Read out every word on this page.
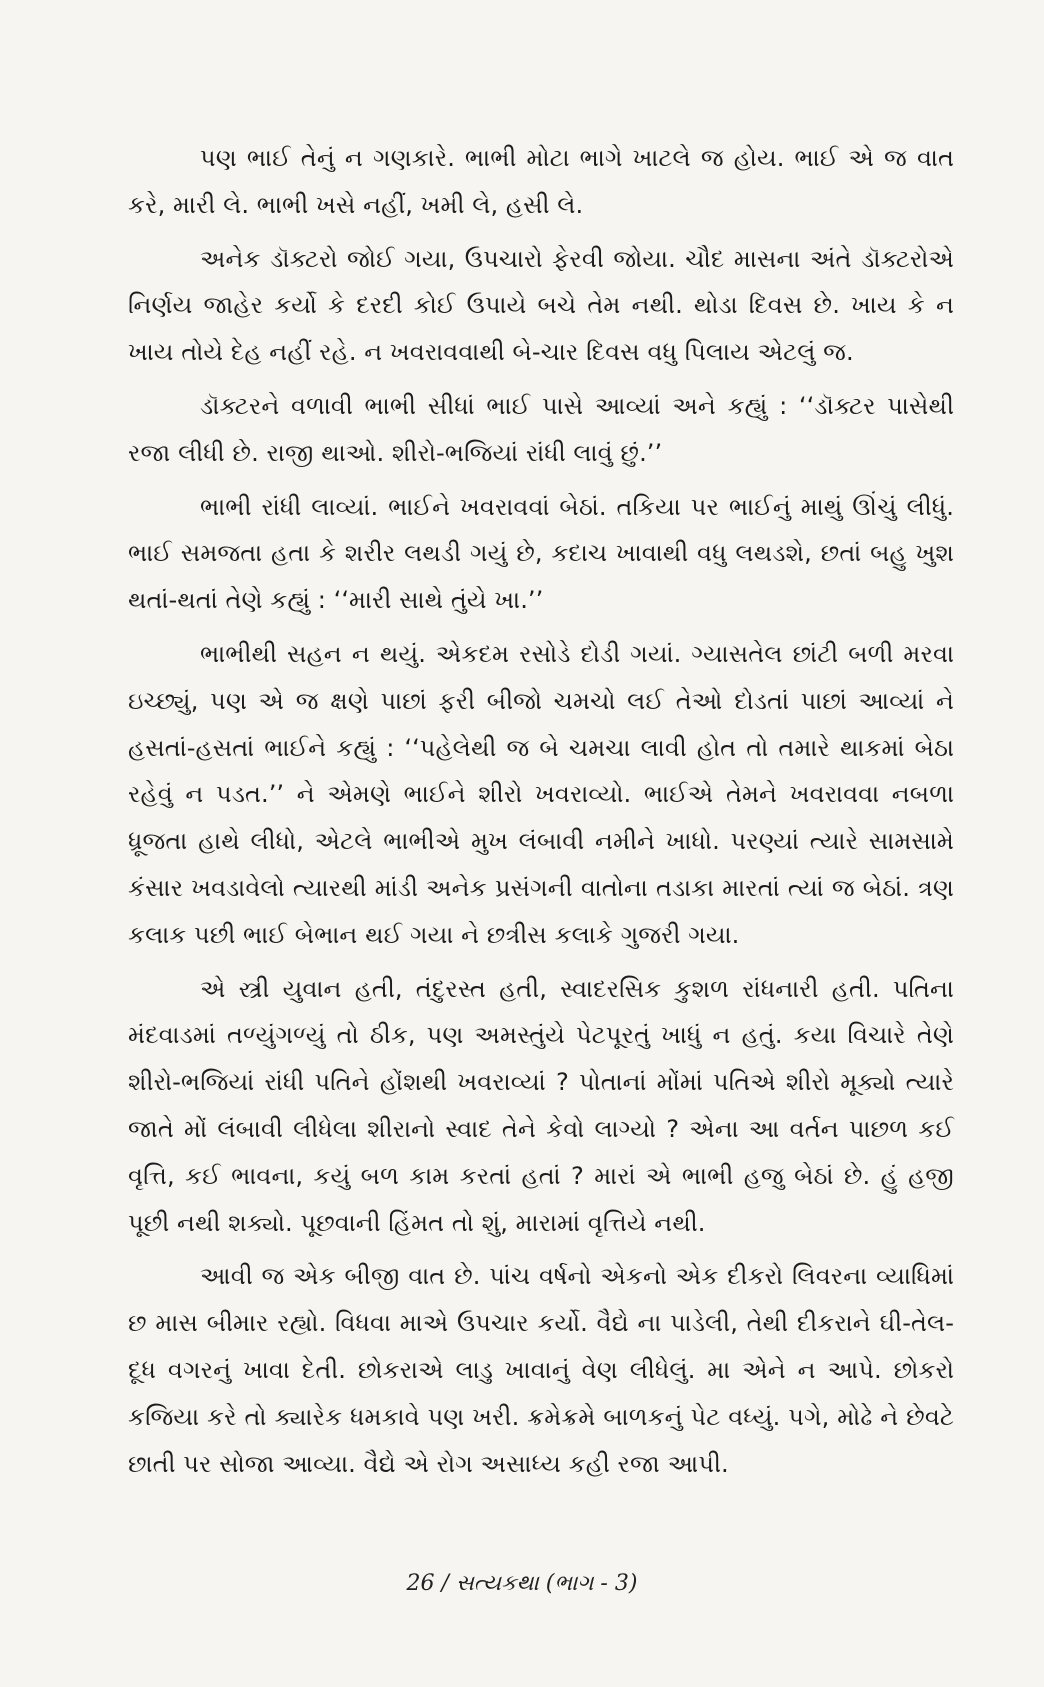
પણ ભાઈ તેનું ન ગણકારે. ભાભી મોટા ભાગે ખાટલે જ હોય. ભાઈ એ જ વાત કરે, મારી લે. ભાભી ખસે નહીં, ખમી લે, હસી લે.

અનેક ડૉક્ટરો જોઈ ગયા, ઉપચારો ફેરવી જોયા. ચૌદ માસના અંતે ડૉક્ટરોએ નિર્ણય જાહેર કર્યો કે દરદી કોઈ ઉપાયે બચે તેમ નથી. થોડા દિવસ છે. ખાય કે ન ખાય તોયે દેહ નહીં રહે. ન ખવરાવવાથી બે-ચાર દિવસ વધુ પિલાય એટલું જ.

ડૉક્ટરને વળાવી ભાભી સીધાં ભાઈ પાસે આવ્યાં અને કહ્યું : ‘‘ડૉક્ટર પાસેથી રજા લીધી છે. રાજી થાઓ. શીરો-ભજિયાં રાંધી લાવું છું.’’

ભાભી રાંધી લાવ્યાં. ભાઈને ખવરાવવાં બેઠાં. તકિયા પર ભાઈનું માથું ઊંચું લીધું. ભાઈ સમજતા હતા કે શરીર લથડી ગયું છે, કદાચ ખાવાથી વધુ લથડશે, છતાં બહુ ખુશ થતાં-થતાં તેણે કહ્યું : ‘‘મારી સાથે તુંયે ખા.’’

ભાભીથી સહન ન થયું. એકદમ રસોડે દોડી ગયાં. ગ્યાસતેલ છાંટી બળી મરવા ઇચ્છ્યું, પણ એ જ ક્ષણે પાછાં ફરી બીજો ચમચો લઈ તેઓ દોડતાં પાછાં આવ્યાં ને હસતાં-હસતાં ભાઈને કહ્યું : ‘‘પહેલેથી જ બે ચમચા લાવી હોત તો તમારે થાકમાં બેઠા રહેવું ન પડત.’’ ને એમણે ભાઈને શીરો ખવરાવ્યો. ભાઈએ તેમને ખવરાવવા નબળા ધ્રૂજતા હાથે લીધો, એટલે ભાભીએ મુખ લંબાવી નમીને ખાધો. પરણ્યાં ત્યારે સામસામે કંસાર ખવડાવેલો ત્યારથી માંડી અનેક પ્રસંગની વાતોના તડાકા મારતાં ત્યાં જ બેઠાં. ત્રણ કલાક પછી ભાઈ બેભાન થઈ ગયા ને છત્રીસ કલાકે ગુજરી ગયા.

એ સ્ત્રી યુવાન હતી, તંદુરસ્ત હતી, સ્વાદરસિક કુશળ રાંધનારી હતી. પતિના મંદવાડમાં તળ્યુંગળ્યું તો ઠીક, પણ અમસ્તુંયે પેટપૂરતું ખાધું ન હતું. કયા વિચારે તેણે શીરો-ભજિયાં રાંધી પતિને હોંશથી ખવરાવ્યાં ? પોતાનાં મોંમાં પતિએ શીરો મૂક્યો ત્યારે જાતે મોં લંબાવી લીધેલા શીરાનો સ્વાદ તેને કેવો લાગ્યો ? એના આ વર્તન પાછળ કઈ વૃત્તિ, કઈ ભાવના, કયું બળ કામ કરતાં હતાં ? મારાં એ ભાભી હજુ બેઠાં છે. હું હજી પૂછી નથી શક્યો. પૂછવાની હિંમત તો શું, મારામાં વૃત્તિયે નથી.

આવી જ એક બીજી વાત છે. પાંચ વર્ષનો એકનો એક દીકરો લિવરના વ્યાધિમાં છ માસ બીમાર રહ્યો. વિધવા માએ ઉપચાર કર્યો. વૈદ્યે ના પાડેલી, તેથી દીકરાને ઘી-તેલ-દૂધ વગરનું ખાવા દેતી. છોકરાએ લાડુ ખાવાનું વેણ લીધેલું. મા એને ન આપે. છોકરો કજિયા કરે તો ક્યારેક ધમકાવે પણ ખરી. ક્રમેક્રમે બાળકનું પેટ વધ્યું. પગે, મોઢે ને છેવટે છાતી પર સોજા આવ્યા. વૈદ્યે એ રોગ અસાધ્ય કહી રજા આપી.

26 / સત્યકથા (ભાગ - 3)
